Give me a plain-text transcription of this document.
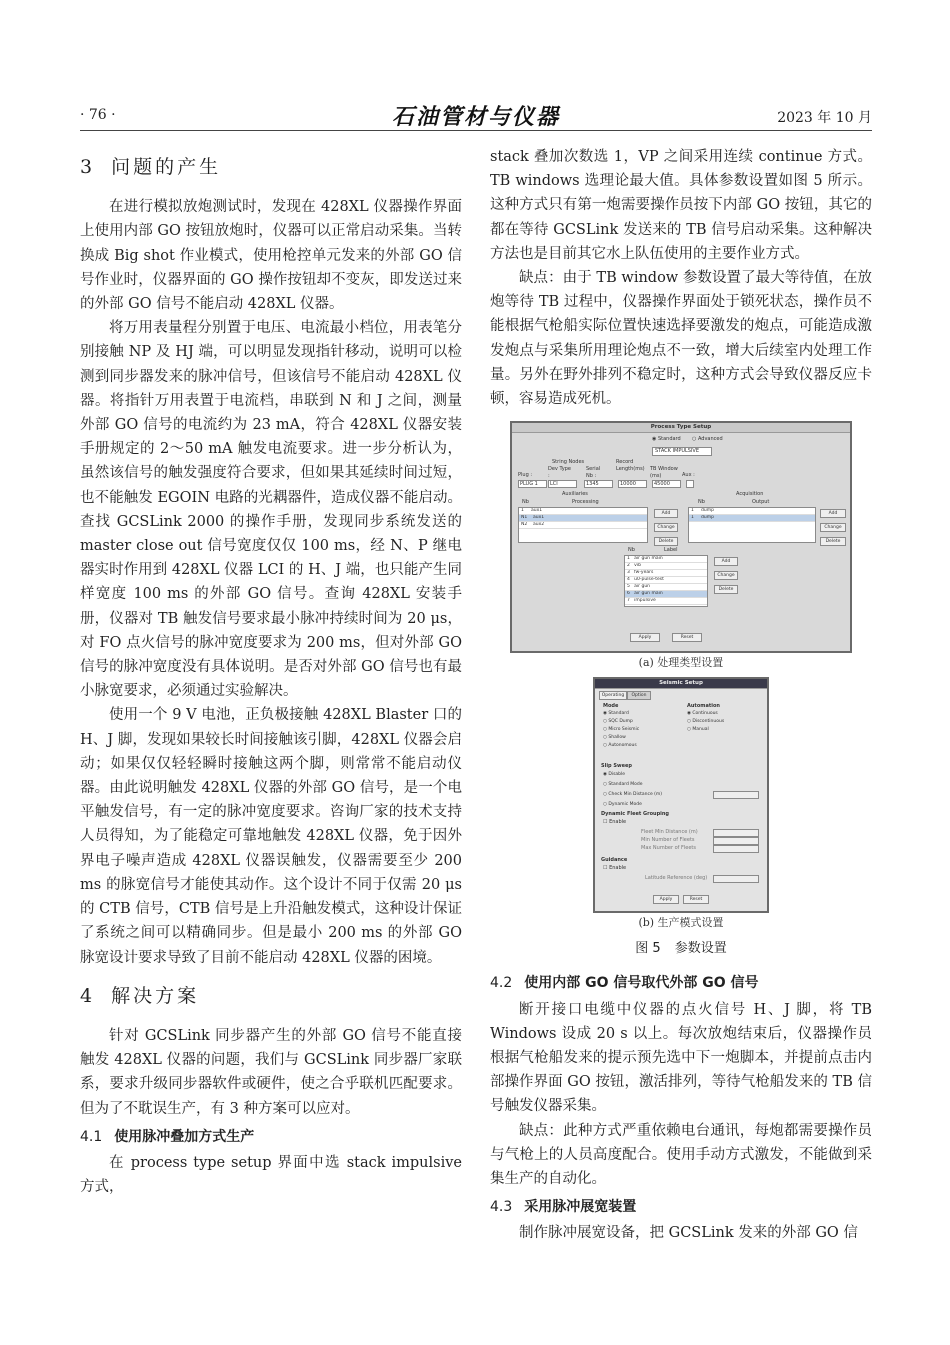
· 76 ·	石油管材与仪器	2023 年 10 月
3 问题的产生

在进行模拟放炮测试时，发现在 428XL 仪器操作界面上使用内部 GO 按钮放炮时，仪器可以正常启动采集。当转换成 Big shot 作业模式，使用枪控单元发来的外部 GO 信号作业时，仪器界面的 GO 操作按钮却不变灰，即发送过来的外部 GO 信号不能启动 428XL 仪器。

将万用表量程分别置于电压、电流最小档位，用表笔分别接触 NP 及 HJ 端，可以明显发现指针移动，说明可以检测到同步器发来的脉冲信号，但该信号不能启动 428XL 仪器。将指针万用表置于电流档，串联到 N 和 J 之间，测量外部 GO 信号的电流约为 23 mA，符合 428XL 仪器安装手册规定的 2～50 mA 触发电流要求。进一步分析认为，虽然该信号的触发强度符合要求，但如果其延续时间过短，也不能触发 EGOIN 电路的光耦器件，造成仪器不能启动。查找 GCSLink 2000 的操作手册，发现同步系统发送的 master close out 信号宽度仅仅 100 ms，经 N、P 继电器实时作用到 428XL 仪器 LCI 的 H、J 端，也只能产生同样宽度 100 ms 的外部 GO 信号。查询 428XL 安装手册，仪器对 TB 触发信号要求最小脉冲持续时间为 20 μs，对 FO 点火信号的脉冲宽度要求为 200 ms，但对外部 GO 信号的脉冲宽度没有具体说明。是否对外部 GO 信号也有最小脉宽要求，必须通过实验解决。

使用一个 9 V 电池，正负极接触 428XL Blaster 口的 H、J 脚，发现如果较长时间接触该引脚，428XL 仪器会启动；如果仅仅轻轻瞬时接触这两个脚，则常常不能启动仪器。由此说明触发 428XL 仪器的外部 GO 信号，是一个电平触发信号，有一定的脉冲宽度要求。咨询厂家的技术支持人员得知，为了能稳定可靠地触发 428XL 仪器，免于因外界电子噪声造成 428XL 仪器误触发，仪器需要至少 200 ms 的脉宽信号才能使其动作。这个设计不同于仅需 20 μs 的 CTB 信号，CTB 信号是上升沿触发模式，这种设计保证了系统之间可以精确同步。但是最小 200 ms 的外部 GO 脉宽设计要求导致了目前不能启动 428XL 仪器的困境。

4 解决方案

针对 GCSLink 同步器产生的外部 GO 信号不能直接触发 428XL 仪器的问题，我们与 GCSLink 同步器厂家联系，要求升级同步器软件或硬件，使之合乎联机匹配要求。但为了不耽误生产，有 3 种方案可以应对。

4.1 使用脉冲叠加方式生产

在 process type setup 界面中选 stack impulsive 方式，

stack 叠加次数选 1，VP 之间采用连续 continue 方式。TB windows 选理论最大值。具体参数设置如图 5 所示。这种方式只有第一炮需要操作员按下内部 GO 按钮，其它的都在等待 GCSLink 发送来的 TB 信号启动采集。这种解决方法也是目前其它水上队伍使用的主要作业方式。

缺点：由于 TB window 参数设置了最大等待值，在放炮等待 TB 过程中，仪器操作界面处于锁死状态，操作员不能根据气枪船实际位置快速选择要激发的炮点，可能造成激发炮点与采集所用理论炮点不一致，增大后续室内处理工作量。另外在野外排列不稳定时，这种方式会导致仪器反应卡顿，容易造成死机。

Process Type Setup
◉ Standard ○ Advanced
STACK IMPULSIVE
String Nodes
Plug :
Dev Type :
Serial Nb :
Record Length(ms) TB Window (ms)	Aux :
PLUG 1	LCI	1345	10000	45000
Auxiliaries
Nb	Processing
1 aux1
N1 aux1
N2 aux2
Add
Change
Delete
Acquisition
Nb	Output
1 dump
1 dump
Add
Change
Delete
Nb	Label
1 air gun main
2 vib
3 fw-years
4 u0-pulse-test
5 air gun
6 air gun main
7 impulsive
Add
Change
Delete
Apply	Reset
(a) 处理类型设置
Seismic Setup
Operating	Option
Mode
◉ Standard
○ SQC Dump
○ Micro Seismic
○ Shallow
○ Autonomous
Automation
◉ Continuous
○ Discontinuous
○ Manual
Slip Sweep
◉ Disable
○ Standard Mode
○ Check Min Distance (m)
○ Dynamic Mode
Dynamic Fleet Grouping
☐ Enable
Fleet Min Distance (m)
Min Number of Fleets
Max Number of Fleets
Guidance
☐ Enable
Latitude Reference (deg)
Apply	Reset
(b) 生产模式设置
图 5 参数设置
4.2 使用内部 GO 信号取代外部 GO 信号

断开接口电缆中仪器的点火信号 H、J 脚，将 TB Windows 设成 20 s 以上。每次放炮结束后，仪器操作员根据气枪船发来的提示预先选中下一炮脚本，并提前点击内部操作界面 GO 按钮，激活排列，等待气枪船发来的 TB 信号触发仪器采集。

缺点：此种方式严重依赖电台通讯，每炮都需要操作员与气枪上的人员高度配合。使用手动方式激发，不能做到采集生产的自动化。

4.3 采用脉冲展宽装置

制作脉冲展宽设备，把 GCSLink 发来的外部 GO 信
